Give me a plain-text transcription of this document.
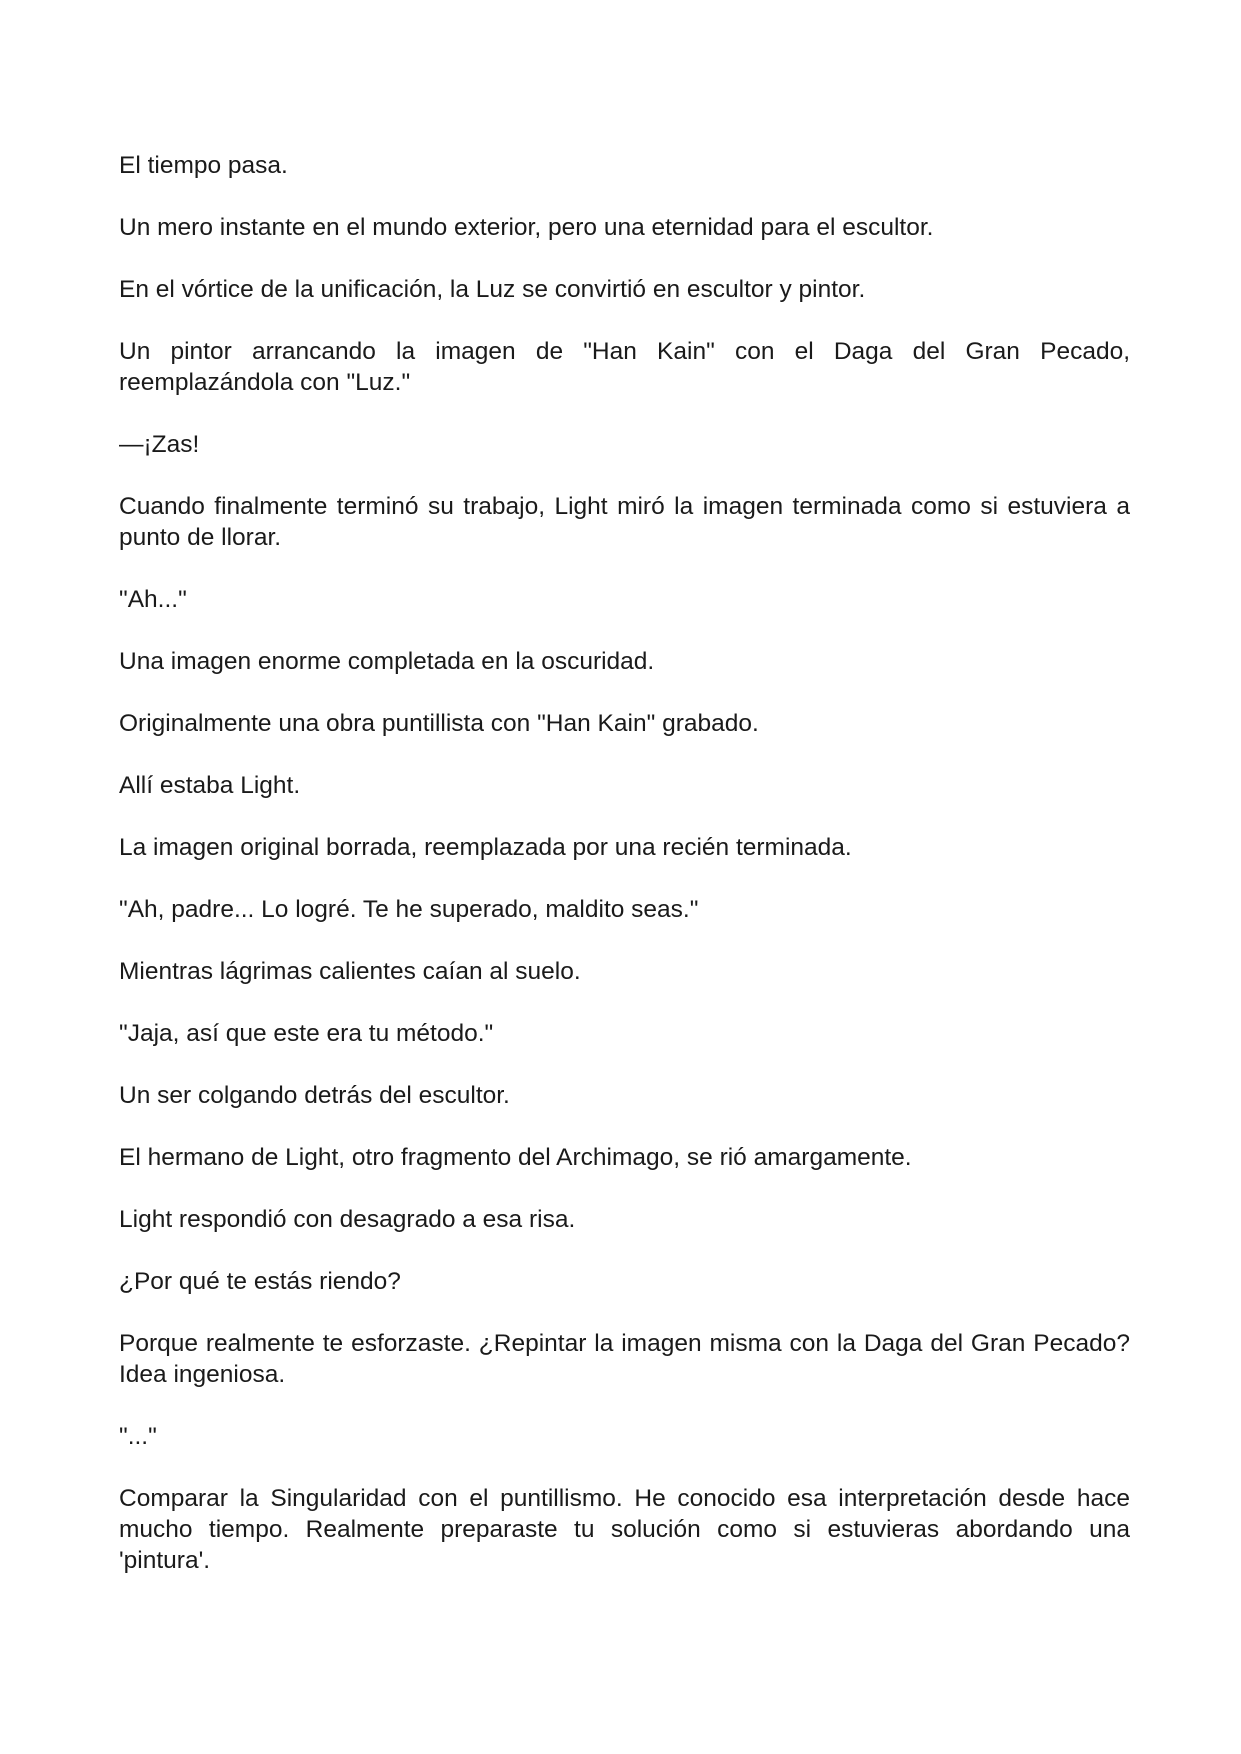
El tiempo pasa.

Un mero instante en el mundo exterior, pero una eternidad para el escultor.

En el vórtice de la unificación, la Luz se convirtió en escultor y pintor.

Un pintor arrancando la imagen de "Han Kain" con el Daga del Gran Pecado, reemplazándola con "Luz."

—¡Zas!

Cuando finalmente terminó su trabajo, Light miró la imagen terminada como si estuviera a punto de llorar.

"Ah..."

Una imagen enorme completada en la oscuridad.

Originalmente una obra puntillista con "Han Kain" grabado.

Allí estaba Light.

La imagen original borrada, reemplazada por una recién terminada.

"Ah, padre... Lo logré. Te he superado, maldito seas."

Mientras lágrimas calientes caían al suelo.

"Jaja, así que este era tu método."

Un ser colgando detrás del escultor.

El hermano de Light, otro fragmento del Archimago, se rió amargamente.

Light respondió con desagrado a esa risa.

¿Por qué te estás riendo?

Porque realmente te esforzaste. ¿Repintar la imagen misma con la Daga del Gran Pecado? Idea ingeniosa.

"..."

Comparar la Singularidad con el puntillismo. He conocido esa interpretación desde hace mucho tiempo. Realmente preparaste tu solución como si estuvieras abordando una 'pintura'.
